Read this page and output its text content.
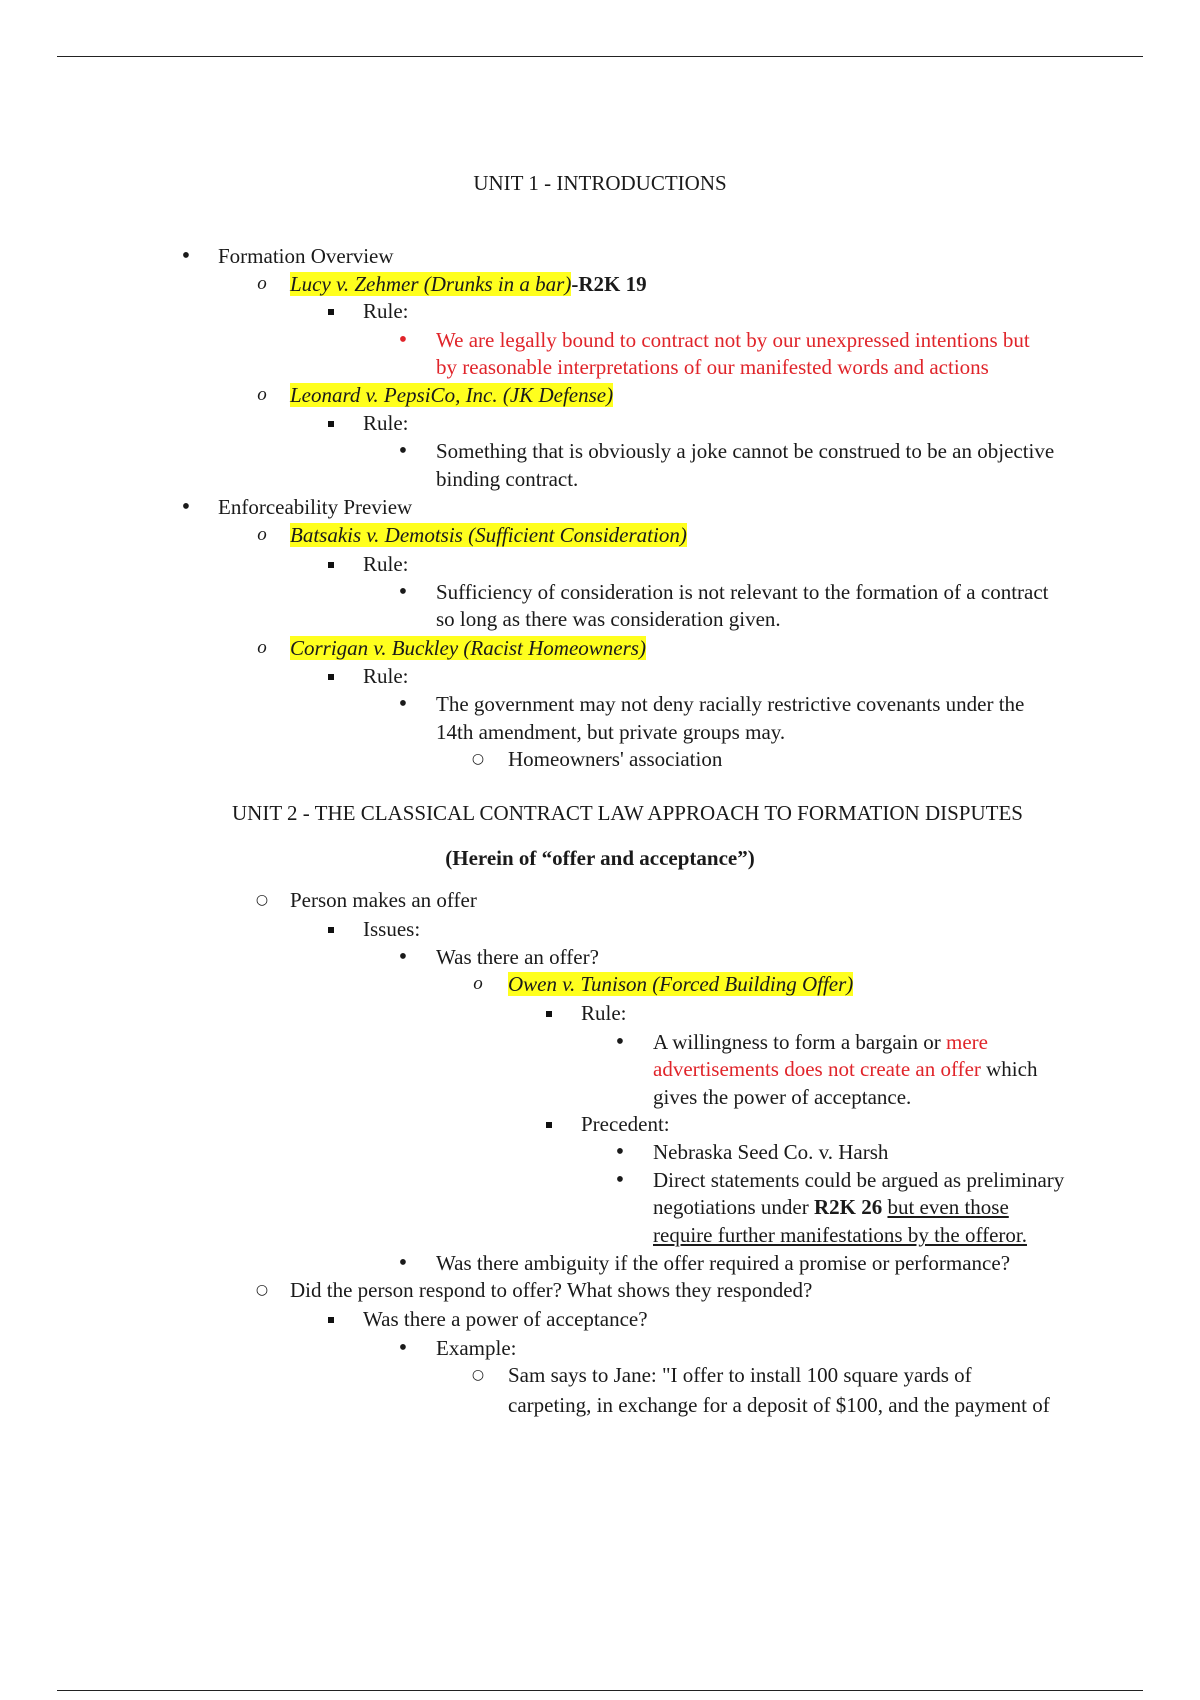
UNIT 1 - INTRODUCTIONS
•
Formation Overview
o Lucy v. Zehmer (Drunks in a bar)-R2K 19
Rule:
•
We are legally bound to contract not by our unexpressed intentions but
by reasonable interpretations of our manifested words and actions
o Leonard v. PepsiCo, Inc. (JK Defense)
Rule:
•
Something that is obviously a joke cannot be construed to be an objective
binding contract.
•
Enforceability Preview
o Batsakis v. Demotsis (Sufficient Consideration)
Rule:
•
Sufficiency of consideration is not relevant to the formation of a contract
so long as there was consideration given.
o Corrigan v. Buckley (Racist Homeowners)
Rule:
•
The government may not deny racially restrictive covenants under the
14th amendment, but private groups may.
○ Homeowners' association
UNIT 2 - THE CLASSICAL CONTRACT LAW APPROACH TO FORMATION DISPUTES
(Herein of “offer and acceptance”)
○ Person makes an offer
Issues:
•
Was there an offer?
o Owen v. Tunison (Forced Building Offer)
Rule:
•
A willingness to form a bargain or mere
advertisements does not create an offer which
gives the power of acceptance.
Precedent:
•
Nebraska Seed Co. v. Harsh
•
Direct statements could be argued as preliminary
negotiations under R2K 26 but even those
require further manifestations by the offeror.
•
Was there ambiguity if the offer required a promise or performance?
○ Did the person respond to offer? What shows they responded?
Was there a power of acceptance?
•
Example:
○ Sam says to Jane: "I offer to install 100 square yards of
carpeting, in exchange for a deposit of $100, and the payment of
